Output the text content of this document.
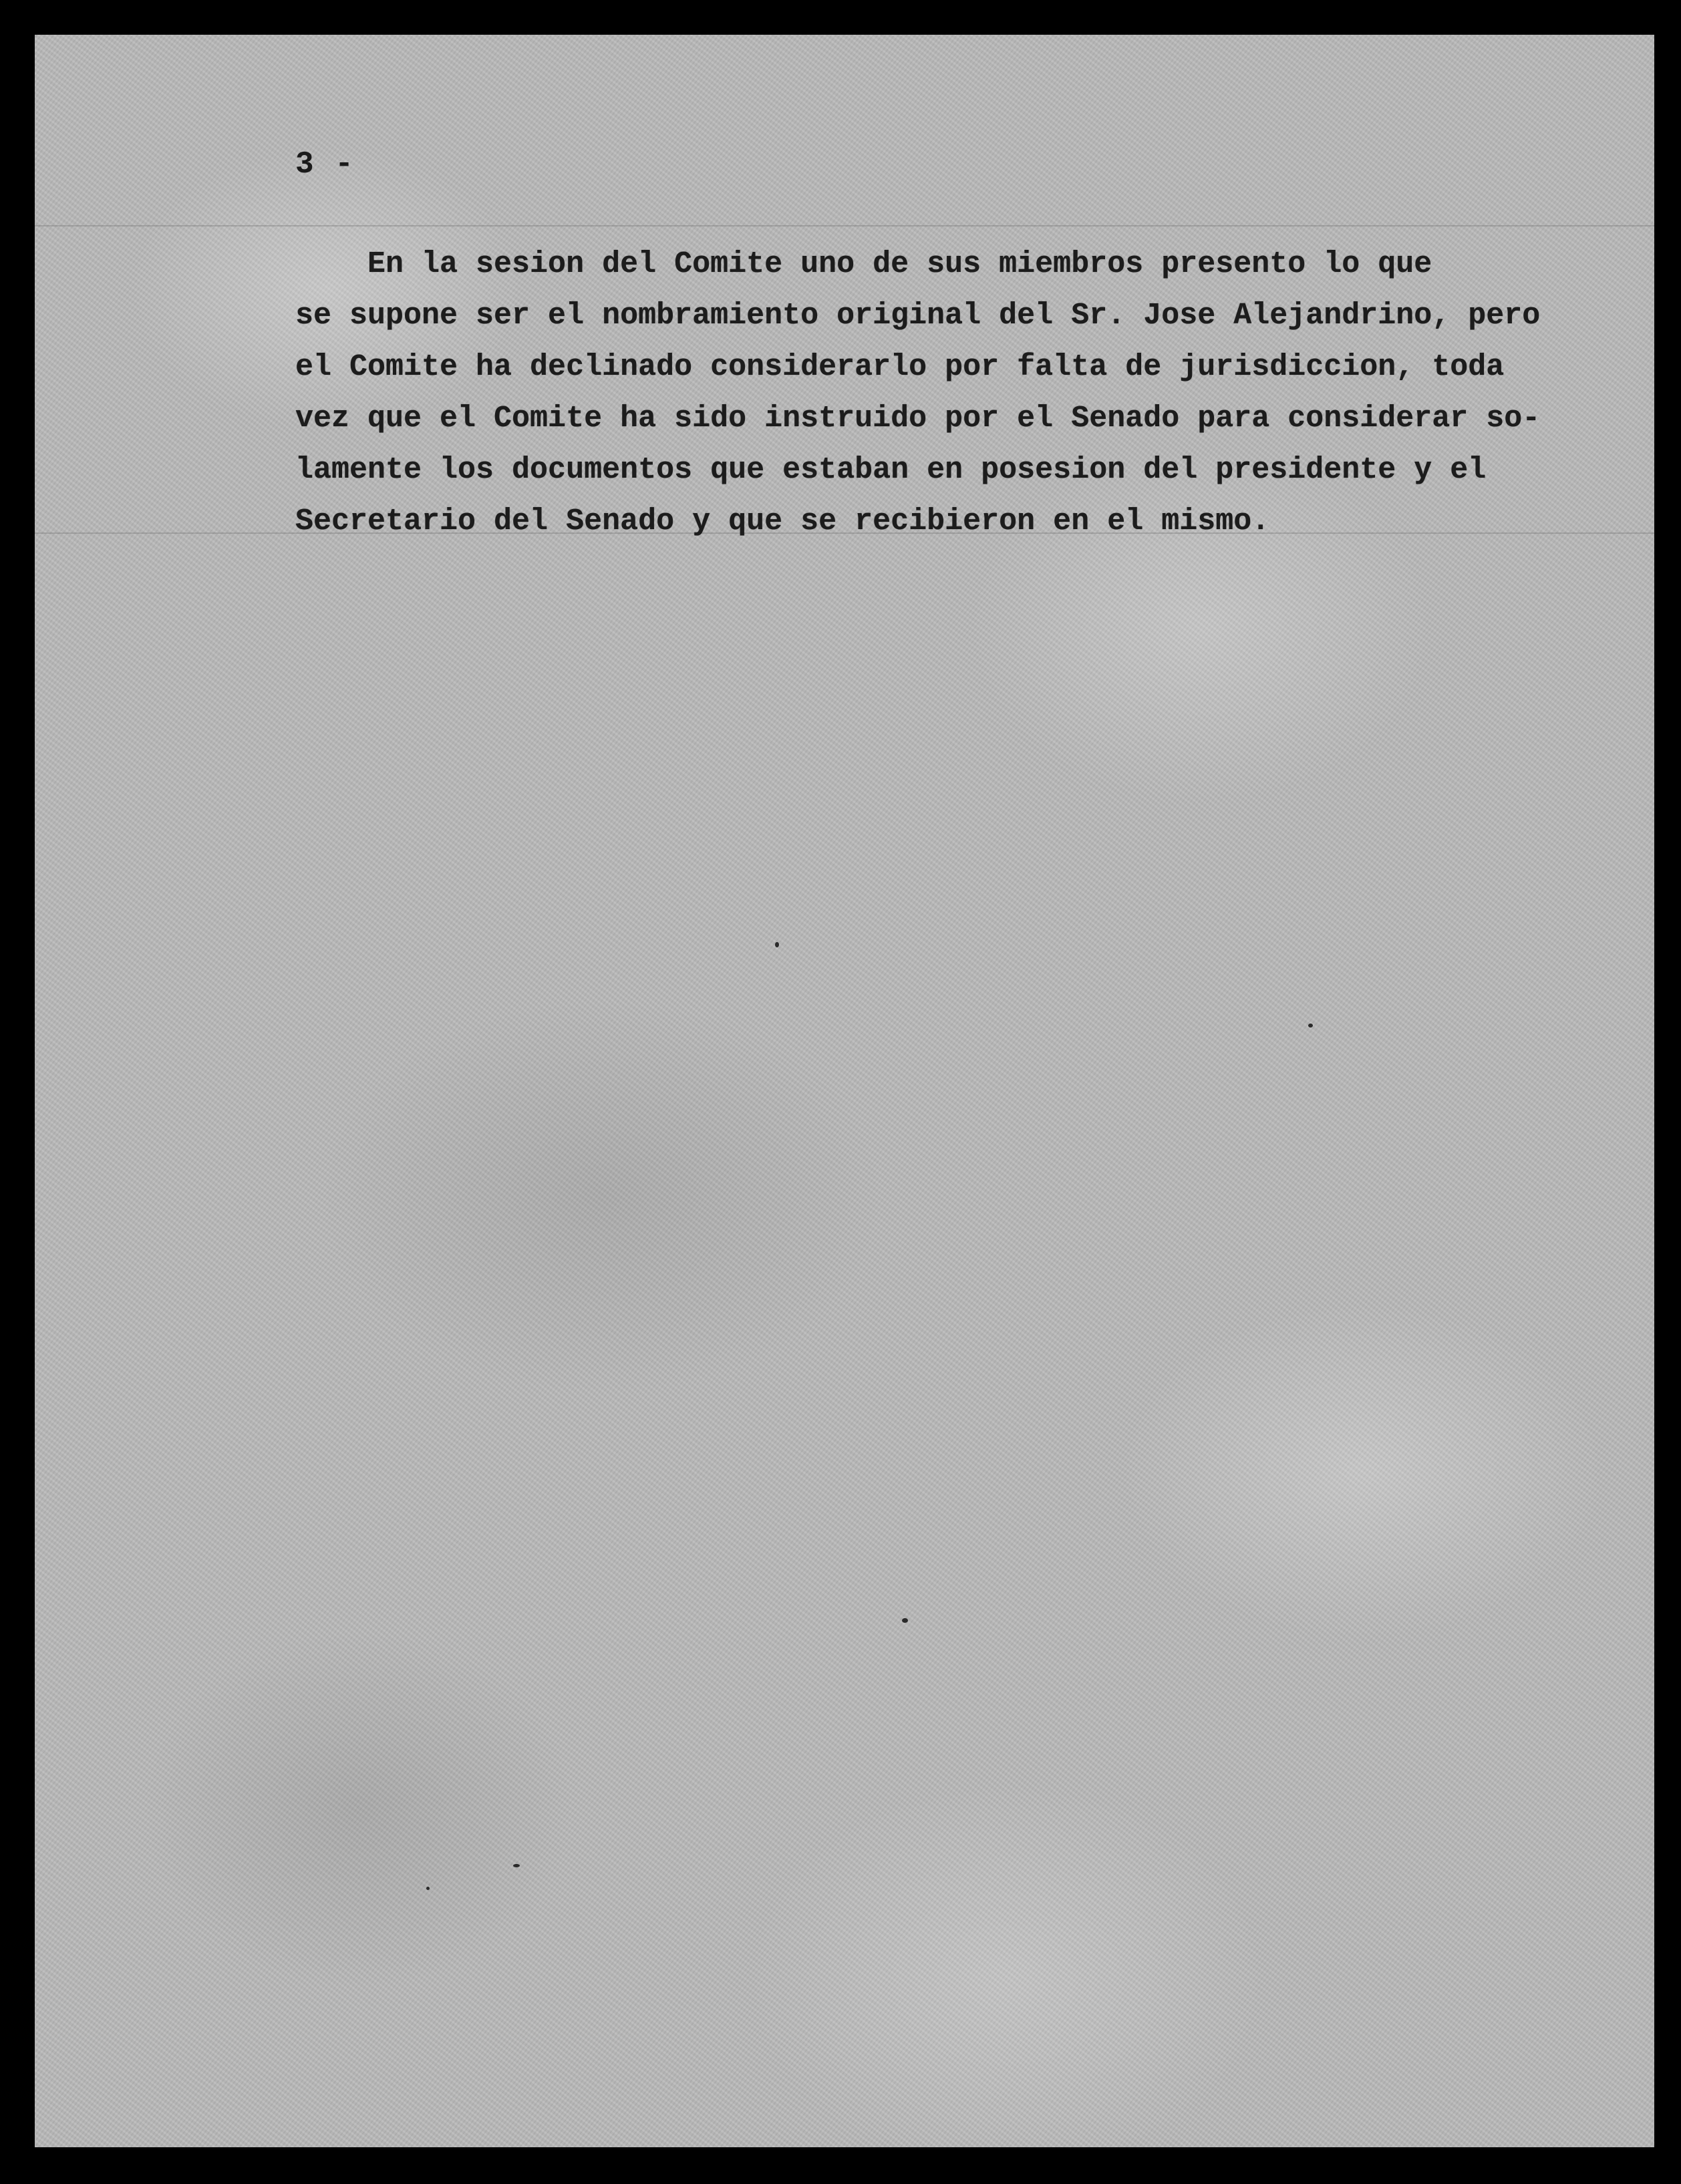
3 -
En la sesion del Comite uno de sus miembros presento lo que
se supone ser el nombramiento original del Sr. Jose Alejandrino, pero
el Comite ha declinado considerarlo por falta de jurisdiccion, toda
vez que el Comite ha sido instruido por el Senado para considerar so-
lamente los documentos que estaban en posesion del presidente y el
Secretario del Senado y que se recibieron en el mismo.
